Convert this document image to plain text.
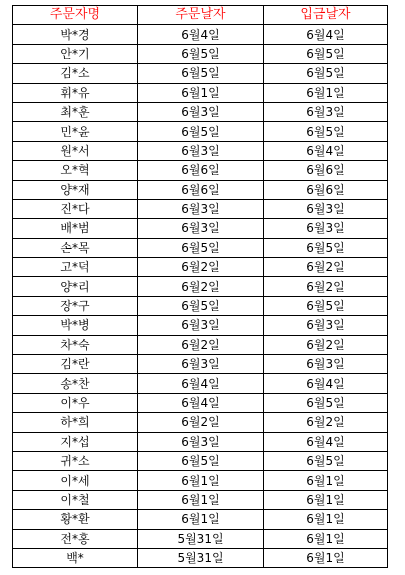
주문자명	주문날자	입금날자
박*경	6월4일	6월4일
안*기	6월5일	6월5일
김*소	6월5일	6월5일
휘*유	6월1일	6월1일
최*훈	6월3일	6월3일
민*윤	6월5일	6월5일
원*서	6월3일	6월4일
오*혁	6월6일	6월6일
양*재	6월6일	6월6일
진*다	6월3일	6월3일
배*범	6월3일	6월3일
손*목	6월5일	6월5일
고*덕	6월2일	6월2일
양*리	6월2일	6월2일
장*구	6월5일	6월5일
박*병	6월3일	6월3일
차*숙	6월2일	6월2일
김*란	6월3일	6월3일
송*찬	6월4일	6월4일
이*우	6월4일	6월5일
하*희	6월2일	6월2일
지*섭	6월3일	6월4일
귀*소	6월5일	6월5일
이*세	6월1일	6월1일
이*철	6월1일	6월1일
황*환	6월1일	6월1일
전*홍	5월31일	6월1일
백*	5월31일	6월1일
